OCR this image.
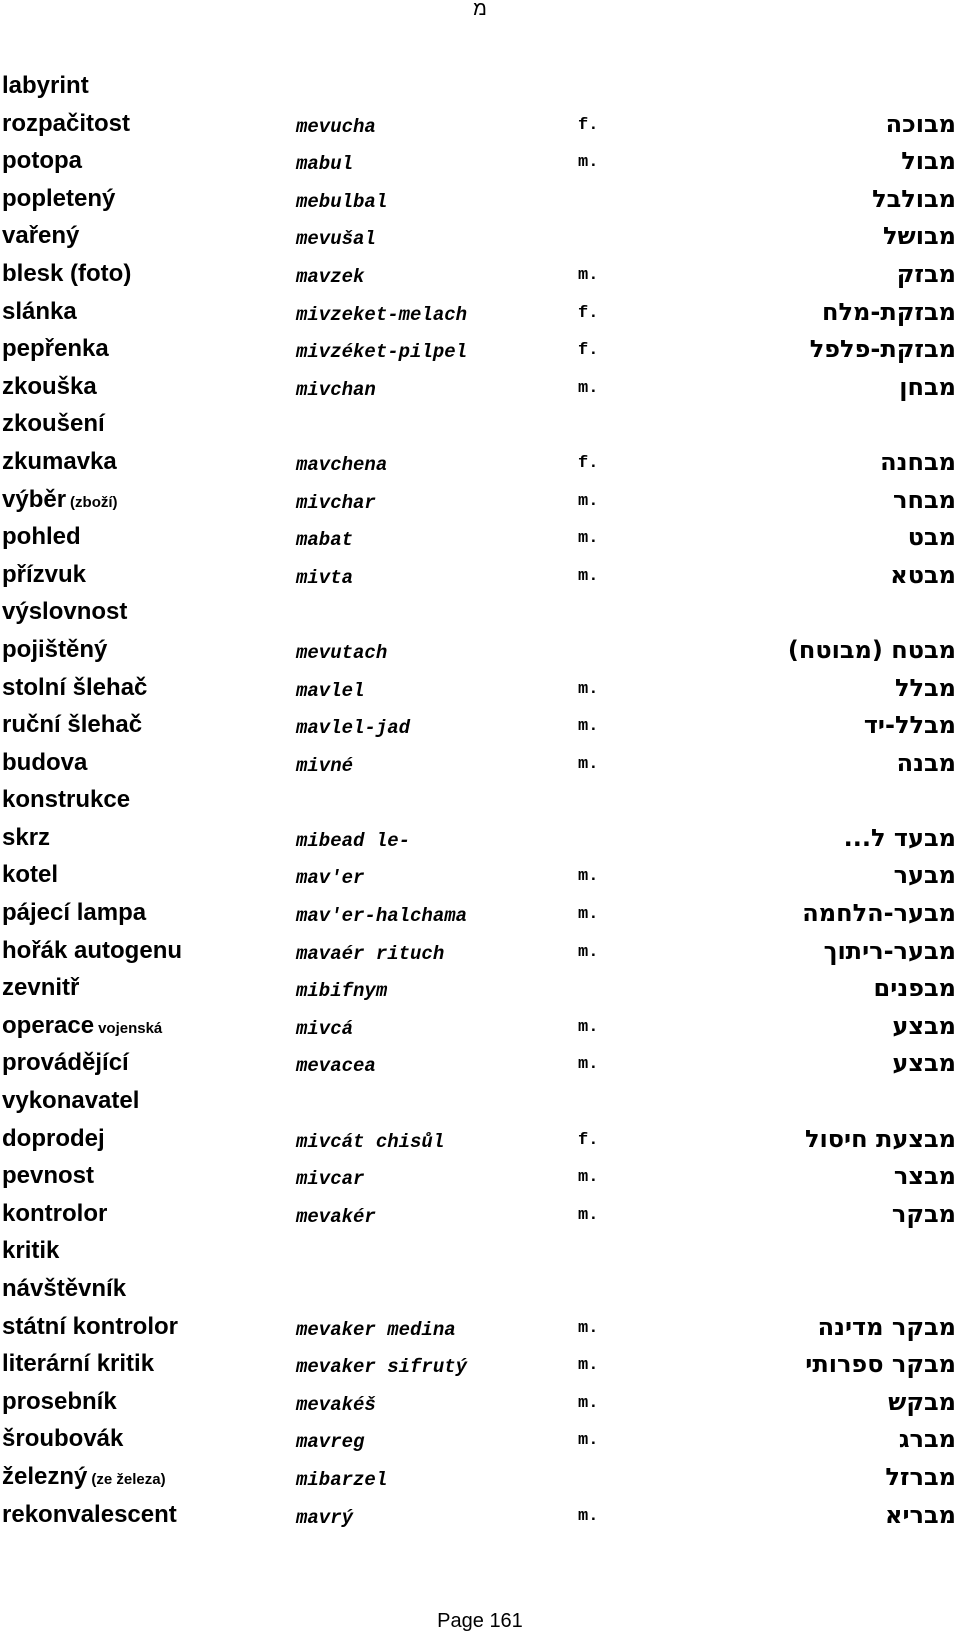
מ
labyrint
rozpačitost	mevucha	f.	מבוכה
potopa	mabul	m.	מבול
popletený	mebulbal	מבולבל
vařený	mevušal	מבושל
blesk (foto)	mavzek	m.	מבזק
slánka	mivzeket-melach	f.	מבזקת-מלח
pepřenka	mivzéket-pilpel	f.	מבזקת-פלפל
zkouška	mivchan	m.	מבחן
zkoušení
zkumavka	mavchena	f.	מבחנה
výběr (zboží)	mivchar	m.	מבחר
pohled	mabat	m.	מבט
přízvuk	mivta	m.	מבטא
výslovnost
pojištěný	mevutach	מבטח (מבוטח)
stolní šlehač	mavlel	m.	מבלל
ruční šlehač	mavlel-jad	m.	מבלל-יד
budova	mivné	m.	מבנה
konstrukce
skrz	mibead le-	מבעד ל...
kotel	mav'er	m.	מבער
pájecí lampa	mav'er-halchama	m.	מבער-הלחמה
hořák autogenu	mavaér rituch	m.	מבער-ריתוך
zevnitř	mibifnym	מבפנים
operace vojenská	mivcá	m.	מבצע
provádějící	mevacea	m.	מבצע
vykonavatel
doprodej	mivcát chisůl	f.	מבצעת חיסול
pevnost	mivcar	m.	מבצר
kontrolor	mevakér	m.	מבקר
kritik
návštěvník
státní kontrolor	mevaker medina	m.	מבקר מדינה
literární kritik	mevaker sifrutý	m.	מבקר ספרותי
prosebník	mevakéš	m.	מבקש
šroubovák	mavreg	m.	מברג
železný (ze železa)	mibarzel	מברזל
rekonvalescent	mavrý	m.	מבריא
Page 161
